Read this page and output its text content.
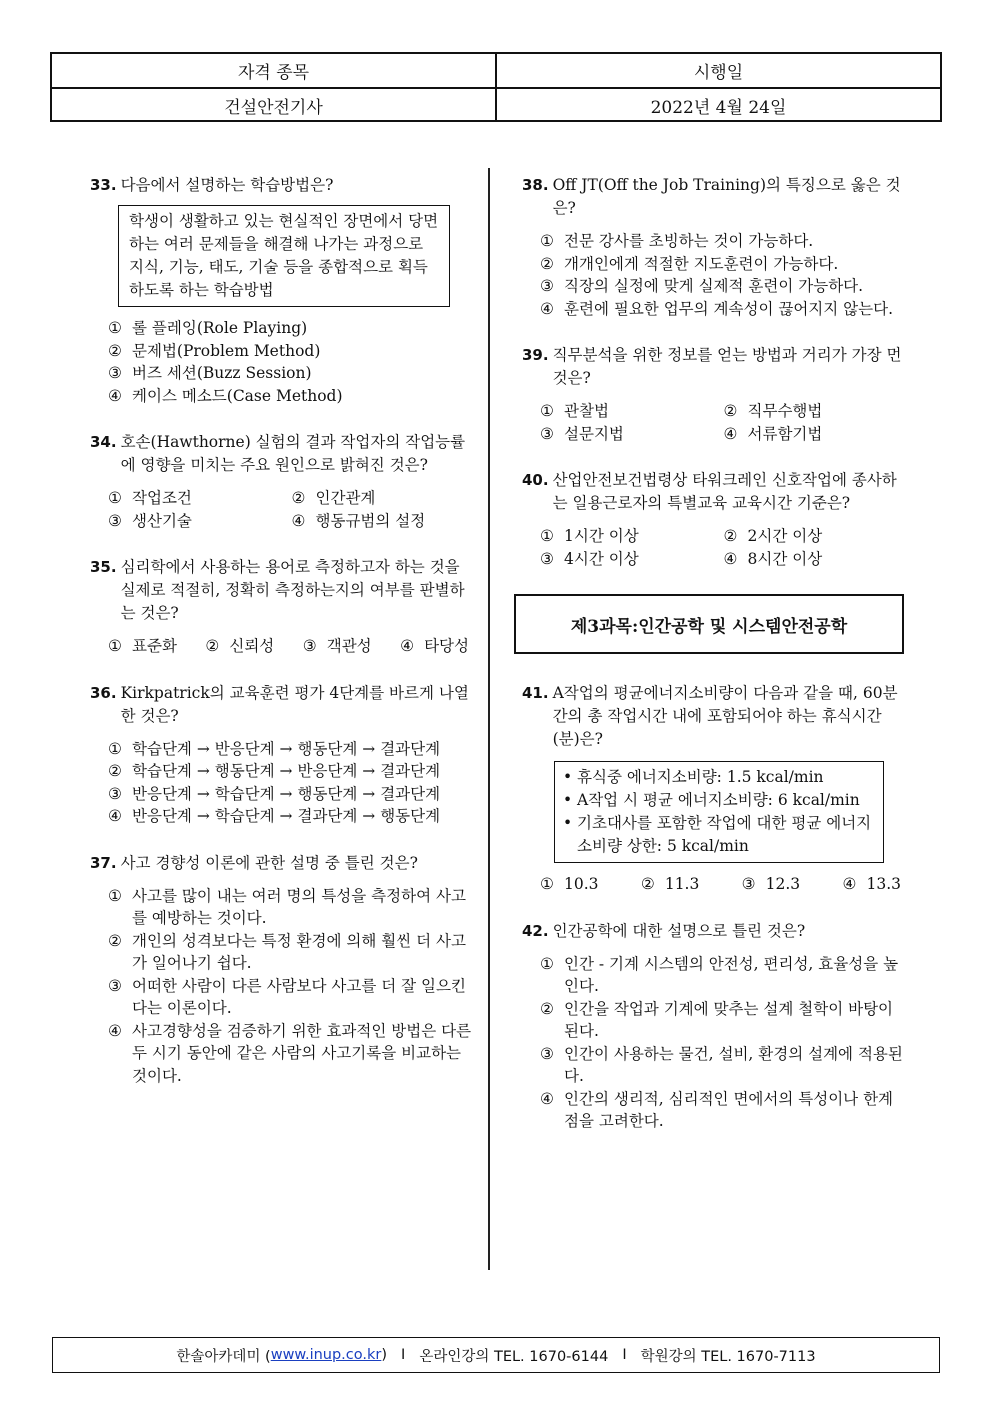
자격 종목	시행일
건설안전기사	2022년 4월 24일
33. 다음에서 설명하는 학습방법은?
학생이 생활하고 있는 현실적인 장면에서 당면하는 여러 문제들을 해결해 나가는 과정으로 지식, 기능, 태도, 기술 등을 종합적으로 획득하도록 하는 학습방법
① 롤 플레잉(Role Playing)
② 문제법(Problem Method)
③ 버즈 세션(Buzz Session)
④ 케이스 메소드(Case Method)
34. 호손(Hawthorne) 실험의 결과 작업자의 작업능률에 영향을 미치는 주요 원인으로 밝혀진 것은?
① 작업조건	② 인간관계
③ 생산기술	④ 행동규범의 설정
35. 심리학에서 사용하는 용어로 측정하고자 하는 것을 실제로 적절히, 정확히 측정하는지의 여부를 판별하는 것은?
① 표준화 ② 신뢰성 ③ 객관성 ④ 타당성
36. Kirkpatrick의 교육훈련 평가 4단계를 바르게 나열한 것은?
① 학습단계 → 반응단계 → 행동단계 → 결과단계
② 학습단계 → 행동단계 → 반응단계 → 결과단계
③ 반응단계 → 학습단계 → 행동단계 → 결과단계
④ 반응단계 → 학습단계 → 결과단계 → 행동단계
37. 사고 경향성 이론에 관한 설명 중 틀린 것은?
① 사고를 많이 내는 여러 명의 특성을 측정하여 사고를 예방하는 것이다.
② 개인의 성격보다는 특정 환경에 의해 훨씬 더 사고가 일어나기 쉽다.
③ 어떠한 사람이 다른 사람보다 사고를 더 잘 일으킨다는 이론이다.
④ 사고경향성을 검증하기 위한 효과적인 방법은 다른 두 시기 동안에 같은 사람의 사고기록을 비교하는 것이다.
38. Off JT(Off the Job Training)의 특징으로 옳은 것은?
① 전문 강사를 초빙하는 것이 가능하다.
② 개개인에게 적절한 지도훈련이 가능하다.
③ 직장의 실정에 맞게 실제적 훈련이 가능하다.
④ 훈련에 필요한 업무의 계속성이 끊어지지 않는다.
39. 직무분석을 위한 정보를 얻는 방법과 거리가 가장 먼 것은?
① 관찰법	② 직무수행법
③ 설문지법	④ 서류함기법
40. 산업안전보건법령상 타워크레인 신호작업에 종사하는 일용근로자의 특별교육 교육시간 기준은?
① 1시간 이상	② 2시간 이상
③ 4시간 이상	④ 8시간 이상
제3과목:인간공학 및 시스템안전공학
41. A작업의 평균에너지소비량이 다음과 같을 때, 60분간의 총 작업시간 내에 포함되어야 하는 휴식시간(분)은?
• 휴식중 에너지소비량: 1.5 kcal/min
• A작업 시 평균 에너지소비량: 6 kcal/min
• 기초대사를 포함한 작업에 대한 평균 에너지소비량 상한: 5 kcal/min
① 10.3	② 11.3	③ 12.3	④ 13.3
42. 인간공학에 대한 설명으로 틀린 것은?
① 인간 - 기계 시스템의 안전성, 편리성, 효율성을 높인다.
② 인간을 작업과 기계에 맞추는 설계 철학이 바탕이 된다.
③ 인간이 사용하는 물건, 설비, 환경의 설계에 적용된다.
④ 인간의 생리적, 심리적인 면에서의 특성이나 한계점을 고려한다.
한솔아카데미 ( www.inup.co.kr ) I 온라인강의 TEL. 1670-6144 I 학원강의 TEL. 1670-7113
